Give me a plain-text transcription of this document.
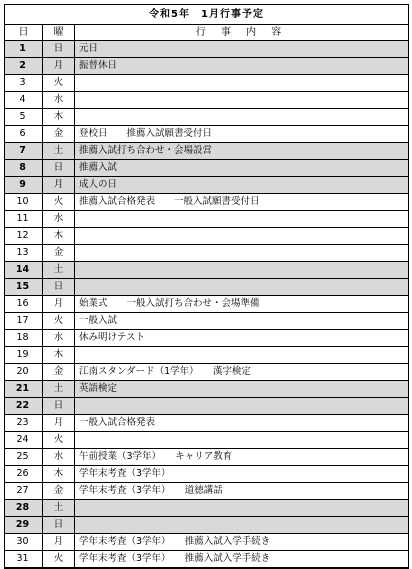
令和5年　1月行事予定		
日	曜	行 事 内 容
1	日	元日
2	月	振替休日
3	火	
4	水	
5	木	
6	金	登校日　　推薦入試願書受付日
7	土	推薦入試打ち合わせ・会場設営
8	日	推薦入試
9	月	成人の日
10	火	推薦入試合格発表　　一般入試願書受付日
11	水	
12	木	
13	金	
14	土	
15	日	
16	月	始業式　　一般入試打ち合わせ・会場準備
17	火	一般入試
18	水	休み明けテスト
19	木	
20	金	江南スタンダード（1学年）　　漢字検定
21	土	英語検定
22	日	
23	月	一般入試合格発表
24	火	
25	水	午前授業（3学年）　　キャリア教育
26	木	学年末考査（3学年）
27	金	学年末考査（3学年）　　道徳講話
28	土	
29	日	
30	月	学年末考査（3学年）　　推薦入試入学手続き
31	火	学年末考査（3学年）　　推薦入試入学手続き
